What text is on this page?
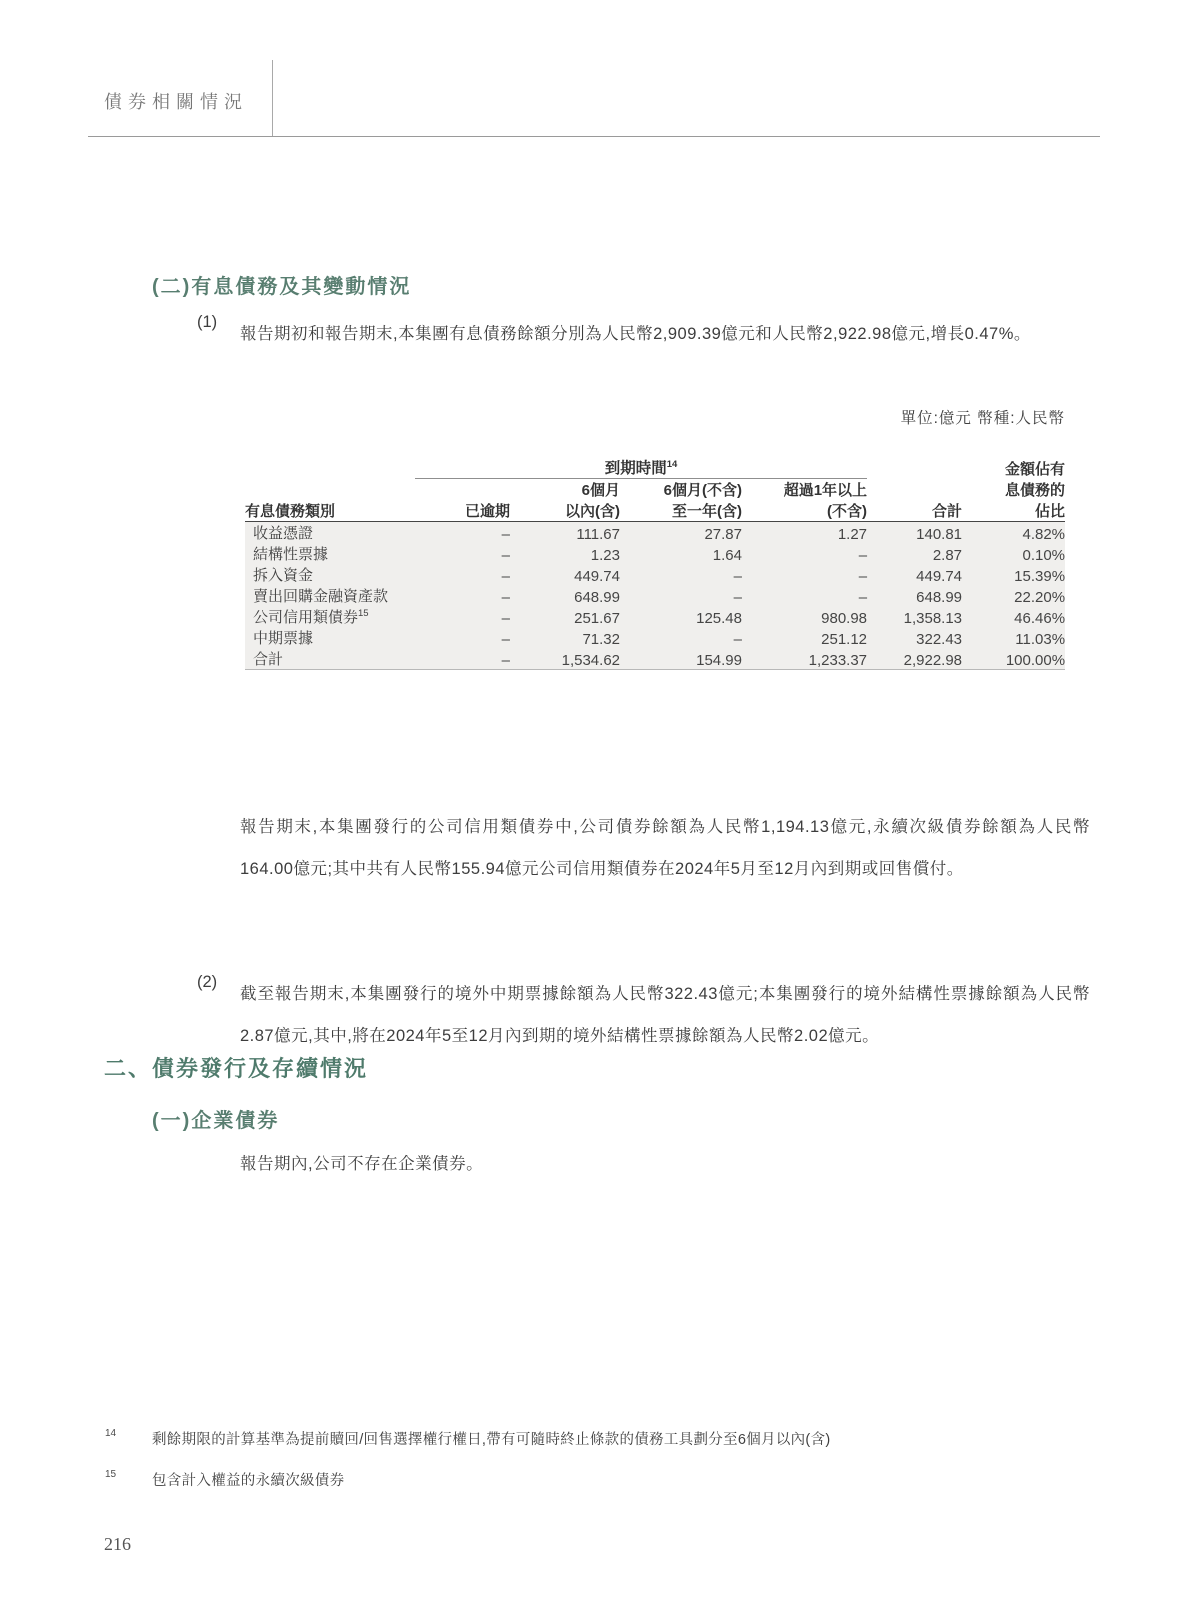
債券相關情況
(二)有息債務及其變動情況
(1)
報告期初和報告期末,本集團有息債務餘額分別為人民幣2,909.39億元和人民幣2,922.98億元,增長0.47%。
單位:億元 幣種:人民幣
	到期時間$^{14}$					金額佔有
		6個月	6個月(不含)	超過1年以上		息債務的
有息債務類別	已逾期	以內(含)	至一年(含)	(不含)	合計	佔比
收益憑證	–	111.67	27.87	1.27	140.81	4.82%
結構性票據	–	1.23	1.64	–	2.87	0.10%
拆入資金	–	449.74	–	–	449.74	15.39%
賣出回購金融資產款	–	648.99	–	–	648.99	22.20%
公司信用類債券$^{15}$	–	251.67	125.48	980.98	1,358.13	46.46%
中期票據	–	71.32	–	251.12	322.43	11.03%
合計	–	1,534.62	154.99	1,233.37	2,922.98	100.00%
報告期末,本集團發行的公司信用類債券中,公司債券餘額為人民幣1,194.13億元,永續次級債券餘額為人民幣164.00億元;其中共有人民幣155.94億元公司信用類債券在2024年5月至12月內到期或回售償付。
(2)
截至報告期末,本集團發行的境外中期票據餘額為人民幣322.43億元;本集團發行的境外結構性票據餘額為人民幣2.87億元,其中,將在2024年5至12月內到期的境外結構性票據餘額為人民幣2.02億元。
二、債券發行及存續情況
(一)企業債券
報告期內,公司不存在企業債券。
14 剩餘期限的計算基準為提前贖回/回售選擇權行權日,帶有可隨時終止條款的債務工具劃分至6個月以內(含)
15 包含計入權益的永續次級債券
216
